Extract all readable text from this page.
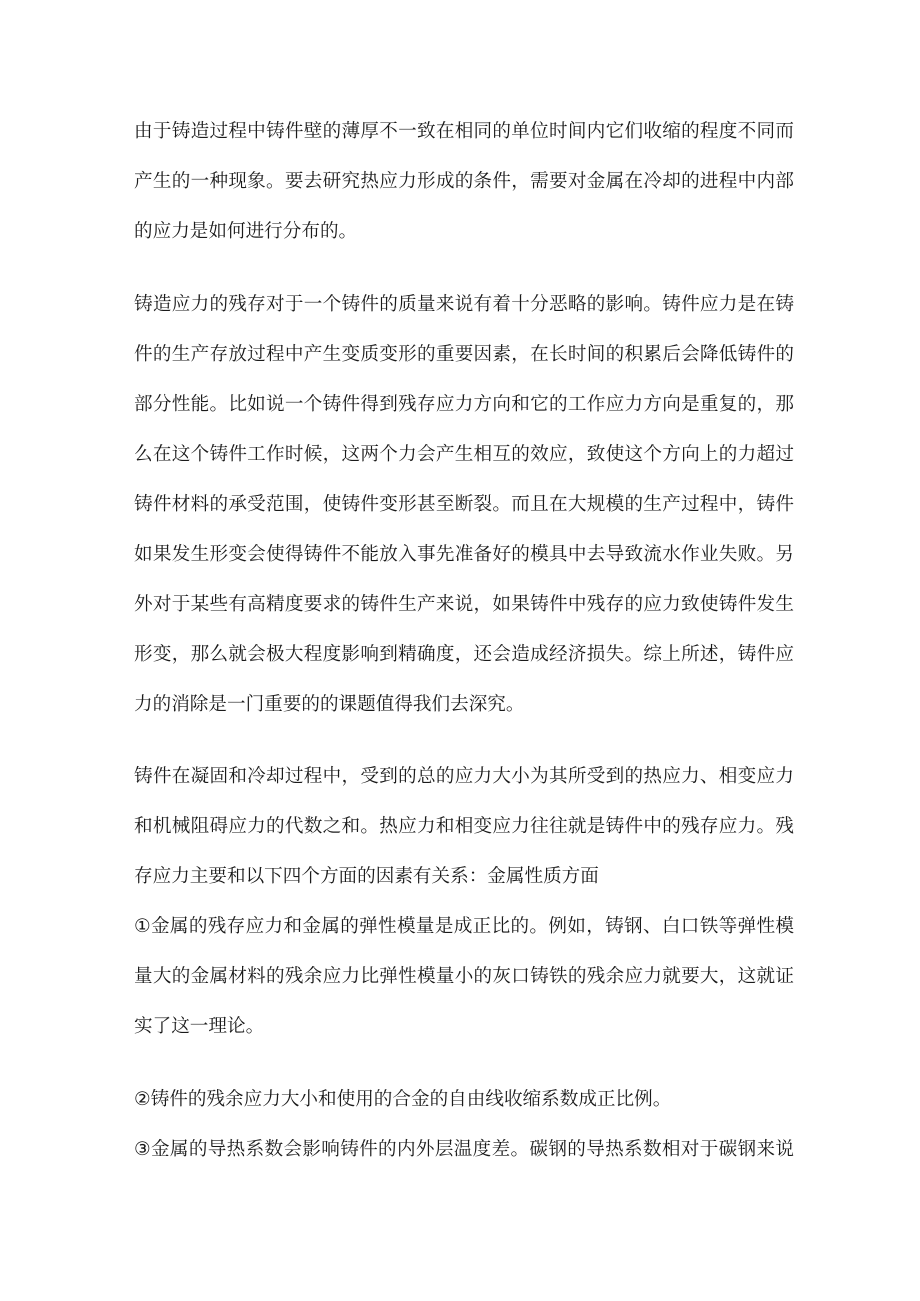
由于铸造过程中铸件壁的薄厚不一致在相同的单位时间内它们收缩的程度不同而
产生的一种现象。要去研究热应力形成的条件，需要对金属在冷却的进程中内部
的应力是如何进行分布的。
铸造应力的残存对于一个铸件的质量来说有着十分恶略的影响。铸件应力是在铸
件的生产存放过程中产生变质变形的重要因素，在长时间的积累后会降低铸件的
部分性能。比如说一个铸件得到残存应力方向和它的工作应力方向是重复的，那
么在这个铸件工作时候，这两个力会产生相互的效应，致使这个方向上的力超过
铸件材料的承受范围，使铸件变形甚至断裂。而且在大规模的生产过程中，铸件
如果发生形变会使得铸件不能放入事先准备好的模具中去导致流水作业失败。另
外对于某些有高精度要求的铸件生产来说，如果铸件中残存的应力致使铸件发生
形变，那么就会极大程度影响到精确度，还会造成经济损失。综上所述，铸件应
力的消除是一门重要的的课题值得我们去深究。
铸件在凝固和冷却过程中，受到的总的应力大小为其所受到的热应力、相变应力
和机械阻碍应力的代数之和。热应力和相变应力往往就是铸件中的残存应力。残
存应力主要和以下四个方面的因素有关系：金属性质方面
①金属的残存应力和金属的弹性模量是成正比的。例如，铸钢、白口铁等弹性模
量大的金属材料的残余应力比弹性模量小的灰口铸铁的残余应力就要大，这就证
实了这一理论。
②铸件的残余应力大小和使用的合金的自由线收缩系数成正比例。
③金属的导热系数会影响铸件的内外层温度差。碳钢的导热系数相对于碳钢来说
